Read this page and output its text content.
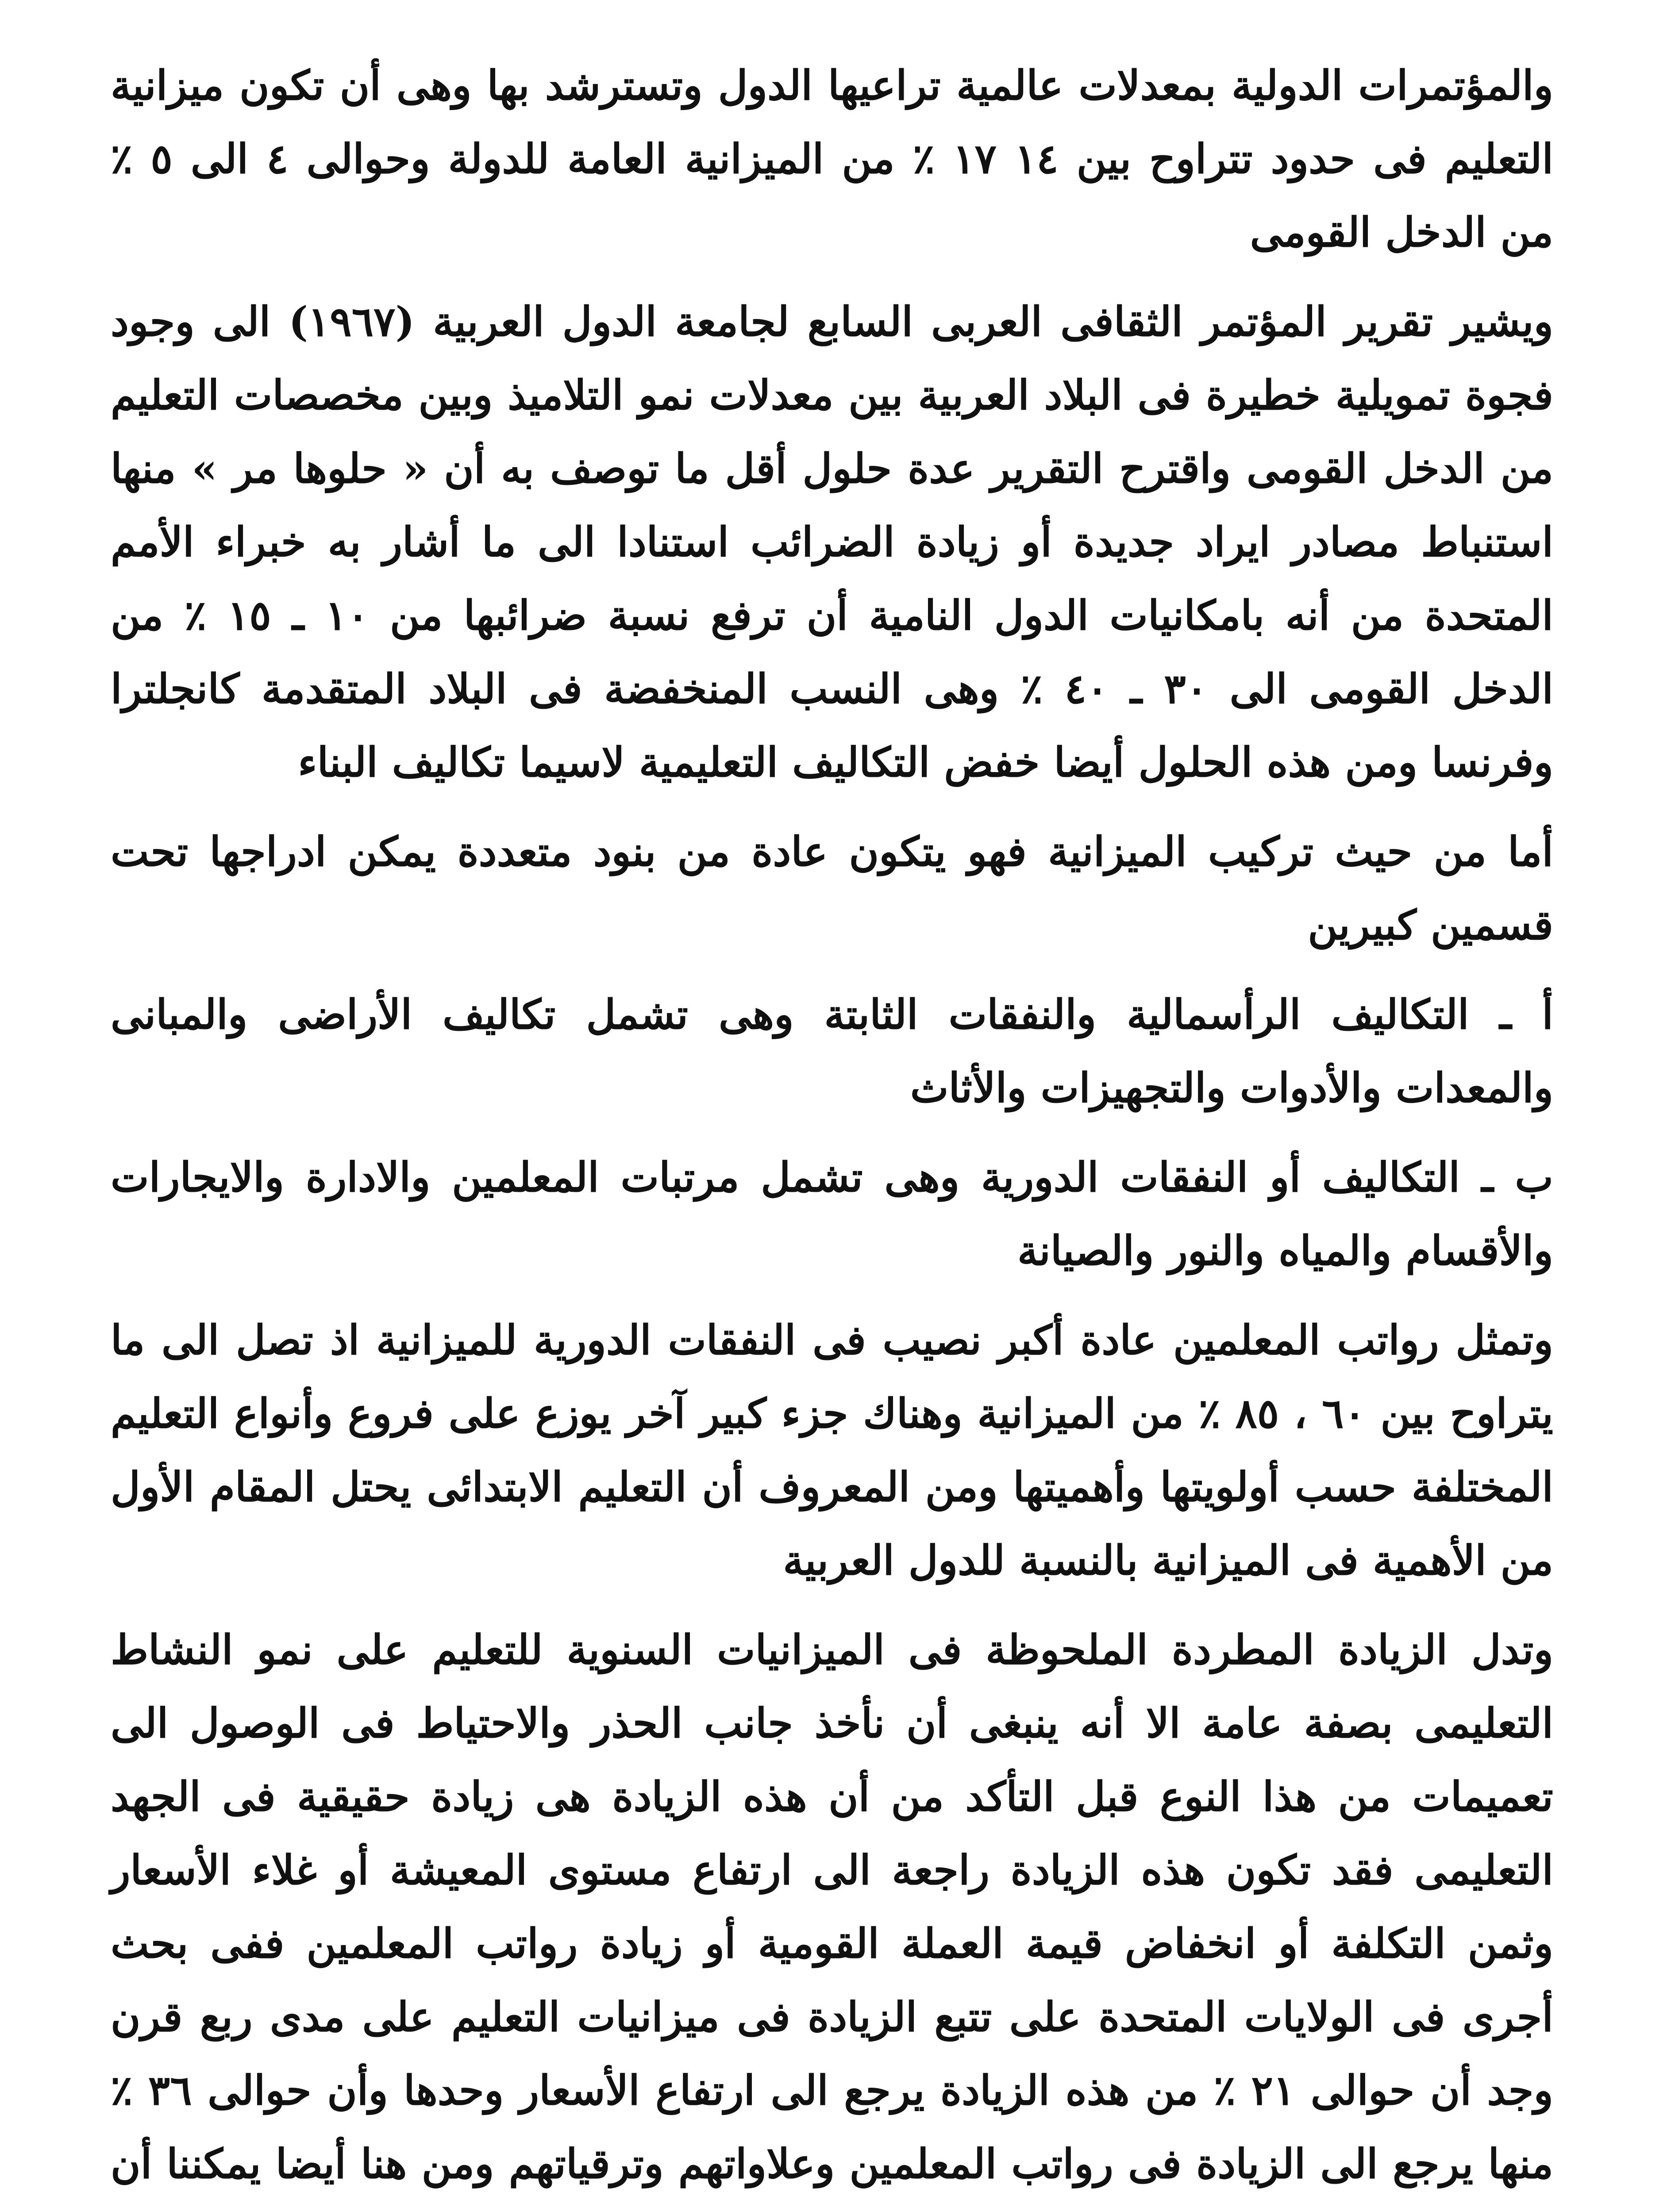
والمؤتمرات الدولية بمعدلات عالمية تراعيها الدول وتسترشد بها وهى أن تكون ميزانية التعليم فى حدود تتراوح بين ١٤ ١٧ ٪ من الميزانية العامة للدولة وحوالى ٤ الى ٥ ٪ من الدخل القومى

ويشير تقرير المؤتمر الثقافى العربى السابع لجامعة الدول العربية (١٩٦٧) الى وجود فجوة تمويلية خطيرة فى البلاد العربية بين معدلات نمو التلاميذ وبين مخصصات التعليم من الدخل القومى واقترح التقرير عدة حلول أقل ما توصف به أن « حلوها مر » منها استنباط مصادر ايراد جديدة أو زيادة الضرائب استنادا الى ما أشار به خبراء الأمم المتحدة من أنه بامكانيات الدول النامية أن ترفع نسبة ضرائبها من ١٠ ـ ١٥ ٪ من الدخل القومى الى ٣٠ ـ ٤٠ ٪ وهى النسب المنخفضة فى البلاد المتقدمة كانجلترا وفرنسا ومن هذه الحلول أيضا خفض التكاليف التعليمية لاسيما تكاليف البناء

أما من حيث تركيب الميزانية فهو يتكون عادة من بنود متعددة يمكن ادراجها تحت قسمين كبيرين

أ ـ التكاليف الرأسمالية والنفقات الثابتة وهى تشمل تكاليف الأراضى والمبانى والمعدات والأدوات والتجهيزات والأثاث

ب ـ التكاليف أو النفقات الدورية وهى تشمل مرتبات المعلمين والادارة والايجارات والأقسام والمياه والنور والصيانة

وتمثل رواتب المعلمين عادة أكبر نصيب فى النفقات الدورية للميزانية اذ تصل الى ما يتراوح بين ٦٠ ، ٨٥ ٪ من الميزانية وهناك جزء كبير آخر يوزع على فروع وأنواع التعليم المختلفة حسب أولويتها وأهميتها ومن المعروف أن التعليم الابتدائى يحتل المقام الأول من الأهمية فى الميزانية بالنسبة للدول العربية

وتدل الزيادة المطردة الملحوظة فى الميزانيات السنوية للتعليم على نمو النشاط التعليمى بصفة عامة الا أنه ينبغى أن نأخذ جانب الحذر والاحتياط فى الوصول الى تعميمات من هذا النوع قبل التأكد من أن هذه الزيادة هى زيادة حقيقية فى الجهد التعليمى فقد تكون هذه الزيادة راجعة الى ارتفاع مستوى المعيشة أو غلاء الأسعار وثمن التكلفة أو انخفاض قيمة العملة القومية أو زيادة رواتب المعلمين ففى بحث أجرى فى الولايات المتحدة على تتبع الزيادة فى ميزانيات التعليم على مدى ربع قرن وجد أن حوالى ٢١ ٪ من هذه الزيادة يرجع الى ارتفاع الأسعار وحدها وأن حوالى ٣٦ ٪ منها يرجع الى الزيادة فى رواتب المعلمين وعلاواتهم وترقياتهم ومن هنا أيضا يمكننا أن
